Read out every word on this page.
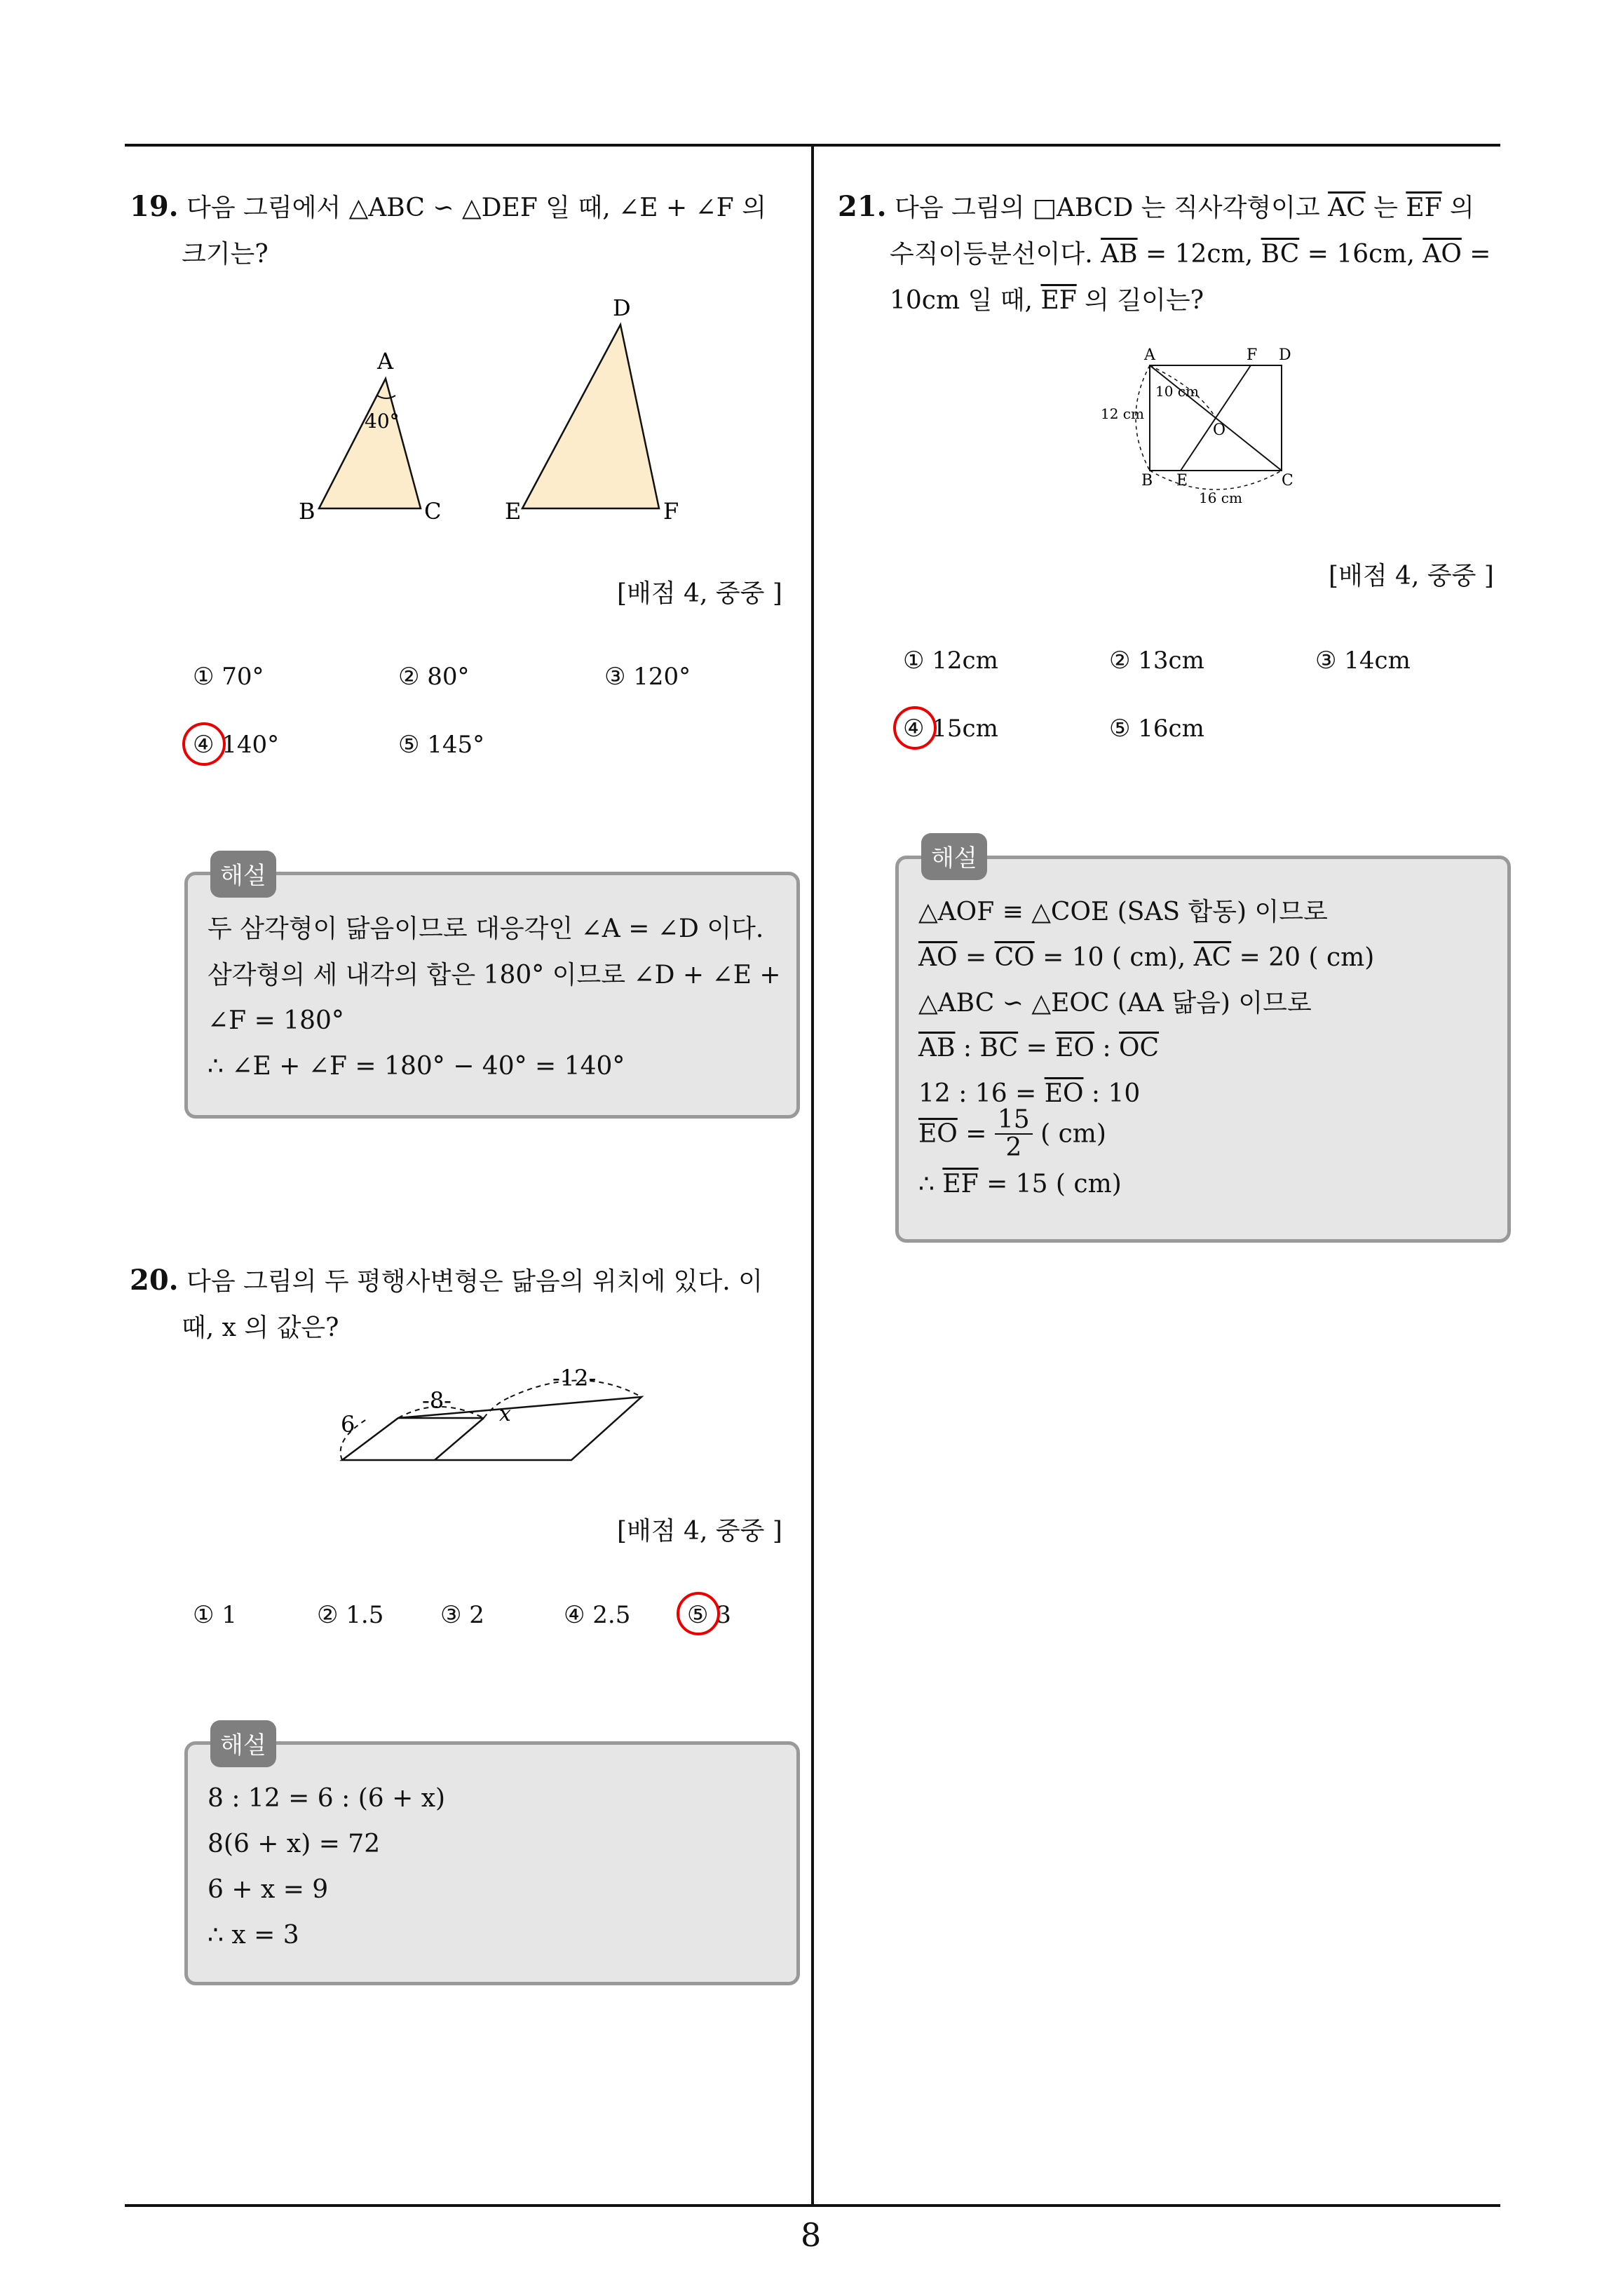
8
19. 다음 그림에서 △ABC ∽ △DEF 일 때, ∠E + ∠F 의
크기는?
A
B	C
40°
D
E	F
[배점 4, 중중 ]
① 70°	② 80°	③ 120°
④ 140°	⑤ 145°
해설
두 삼각형이 닮음이므로 대응각인 ∠A = ∠D 이다.
삼각형의 세 내각의 합은 180° 이므로 ∠D + ∠E +
∠F = 180°
∴ ∠E + ∠F = 180° − 40° = 140°
20. 다음 그림의 두 평행사변형은 닮음의 위치에 있다. 이
때, x 의 값은?
6
-8-
-12-
x
[배점 4, 중중 ]
① 1	② 1.5 ③ 2	④ 2.5 ⑤ 3
해설
8 : 12 = 6 : (6 + x)
8(6 + x) = 72
6 + x = 9
∴ x = 3
21. 다음 그림의 □ABCD 는 직사각형이고 $\overline{AC}$ 는 $\overline{EF}$ 의
수직이등분선이다. $\overline{AB} = 12cm$, $\overline{BC} = 16cm$, $\overline{AO}$ =
10cm 일 때, $\overline{EF}$ 의 길이는?
A	F D
B E	C
O
10 cm
12 cm
16 cm
[배점 4, 중중 ]
① 12cm	② 13cm	③ 14cm
④ 15cm	⑤ 16cm
해설
△AOF ≡ △COE (SAS 합동) 이므로
$\overline{AO} = \overline{CO} = 10$ ( cm), $\overline{AC} = 20$ ( cm)
△ABC ∽ △EOC (AA 닮음) 이므로
$\overline{AB}$ : $\overline{BC} = \overline{EO}$ : $\overline{OC}$
12 : $16 = \overline{EO}$ : 10
$\overline{EO} = \frac{15}{2}$ ( cm)
∴ $\overline{EF} = 15$ ( cm)
